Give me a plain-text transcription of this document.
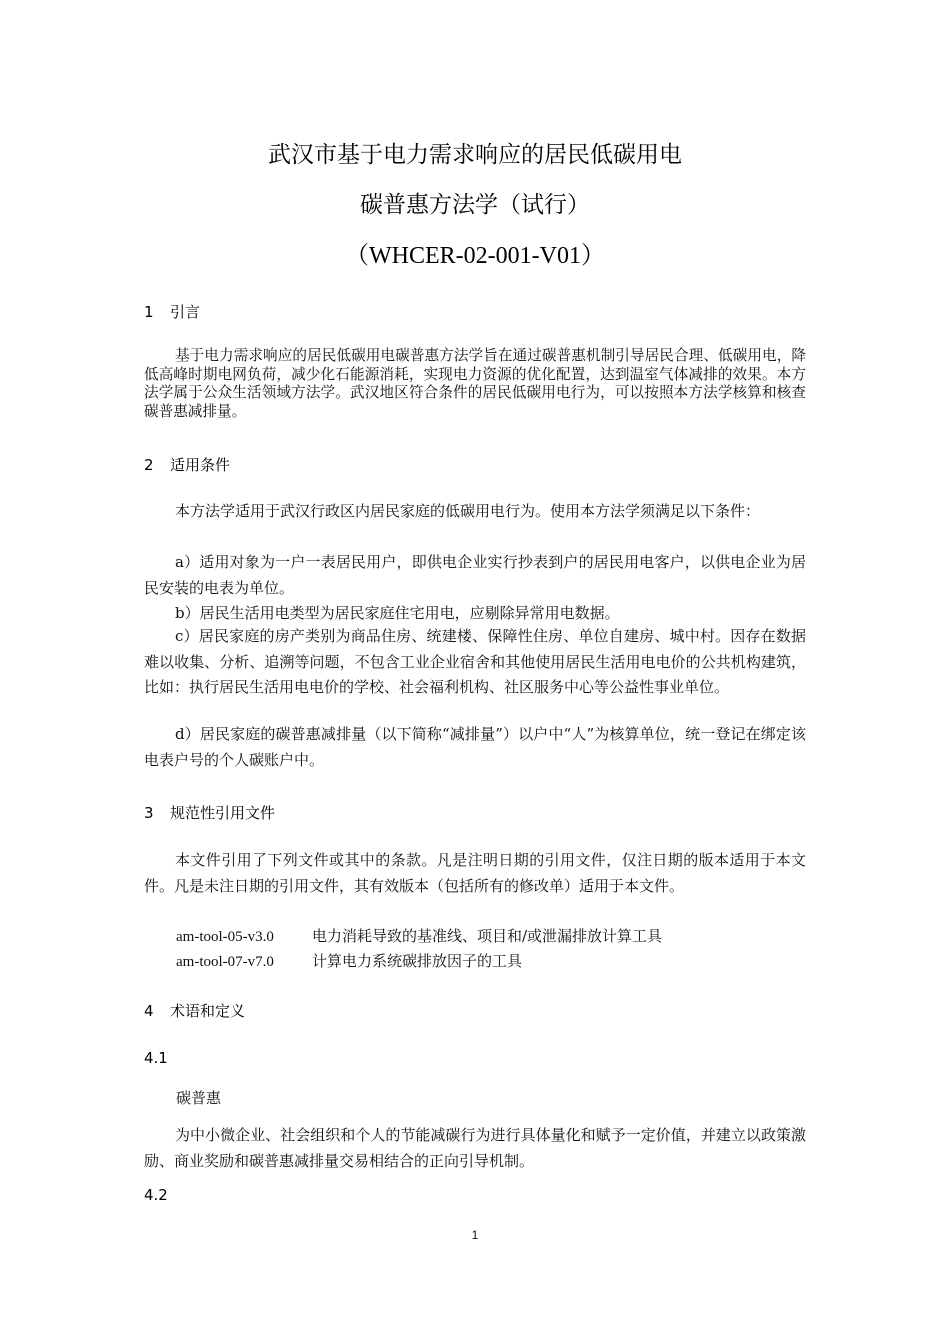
武汉市基于电力需求响应的居民低碳用电
碳普惠方法学（试行）
（WHCER-02-001-V01）
1 引言
基于电力需求响应的居民低碳用电碳普惠方法学旨在通过碳普惠机制引导居民合理、低碳用电，降低高峰时期电网负荷，减少化石能源消耗，实现电力资源的优化配置，达到温室气体减排的效果。本方法学属于公众生活领域方法学。武汉地区符合条件的居民低碳用电行为，可以按照本方法学核算和核查碳普惠减排量。
2 适用条件
本方法学适用于武汉行政区内居民家庭的低碳用电行为。使用本方法学须满足以下条件：
a）适用对象为一户一表居民用户，即供电企业实行抄表到户的居民用电客户，以供电企业为居民安装的电表为单位。
b）居民生活用电类型为居民家庭住宅用电，应剔除异常用电数据。
c）居民家庭的房产类别为商品住房、统建楼、保障性住房、单位自建房、城中村。因存在数据难以收集、分析、追溯等问题，不包含工业企业宿舍和其他使用居民生活用电电价的公共机构建筑，比如：执行居民生活用电电价的学校、社会福利机构、社区服务中心等公益性事业单位。
d）居民家庭的碳普惠减排量（以下简称“减排量”）以户中“人”为核算单位，统一登记在绑定该电表户号的个人碳账户中。
3 规范性引用文件
本文件引用了下列文件或其中的条款。凡是注明日期的引用文件，仅注日期的版本适用于本文件。凡是未注日期的引用文件，其有效版本（包括所有的修改单）适用于本文件。
am-tool-05-v3.0	电力消耗导致的基准线、项目和/或泄漏排放计算工具
am-tool-07-v7.0	计算电力系统碳排放因子的工具
4 术语和定义
4.1
碳普惠
为中小微企业、社会组织和个人的节能减碳行为进行具体量化和赋予一定价值，并建立以政策激励、商业奖励和碳普惠减排量交易相结合的正向引导机制。
4.2
1
